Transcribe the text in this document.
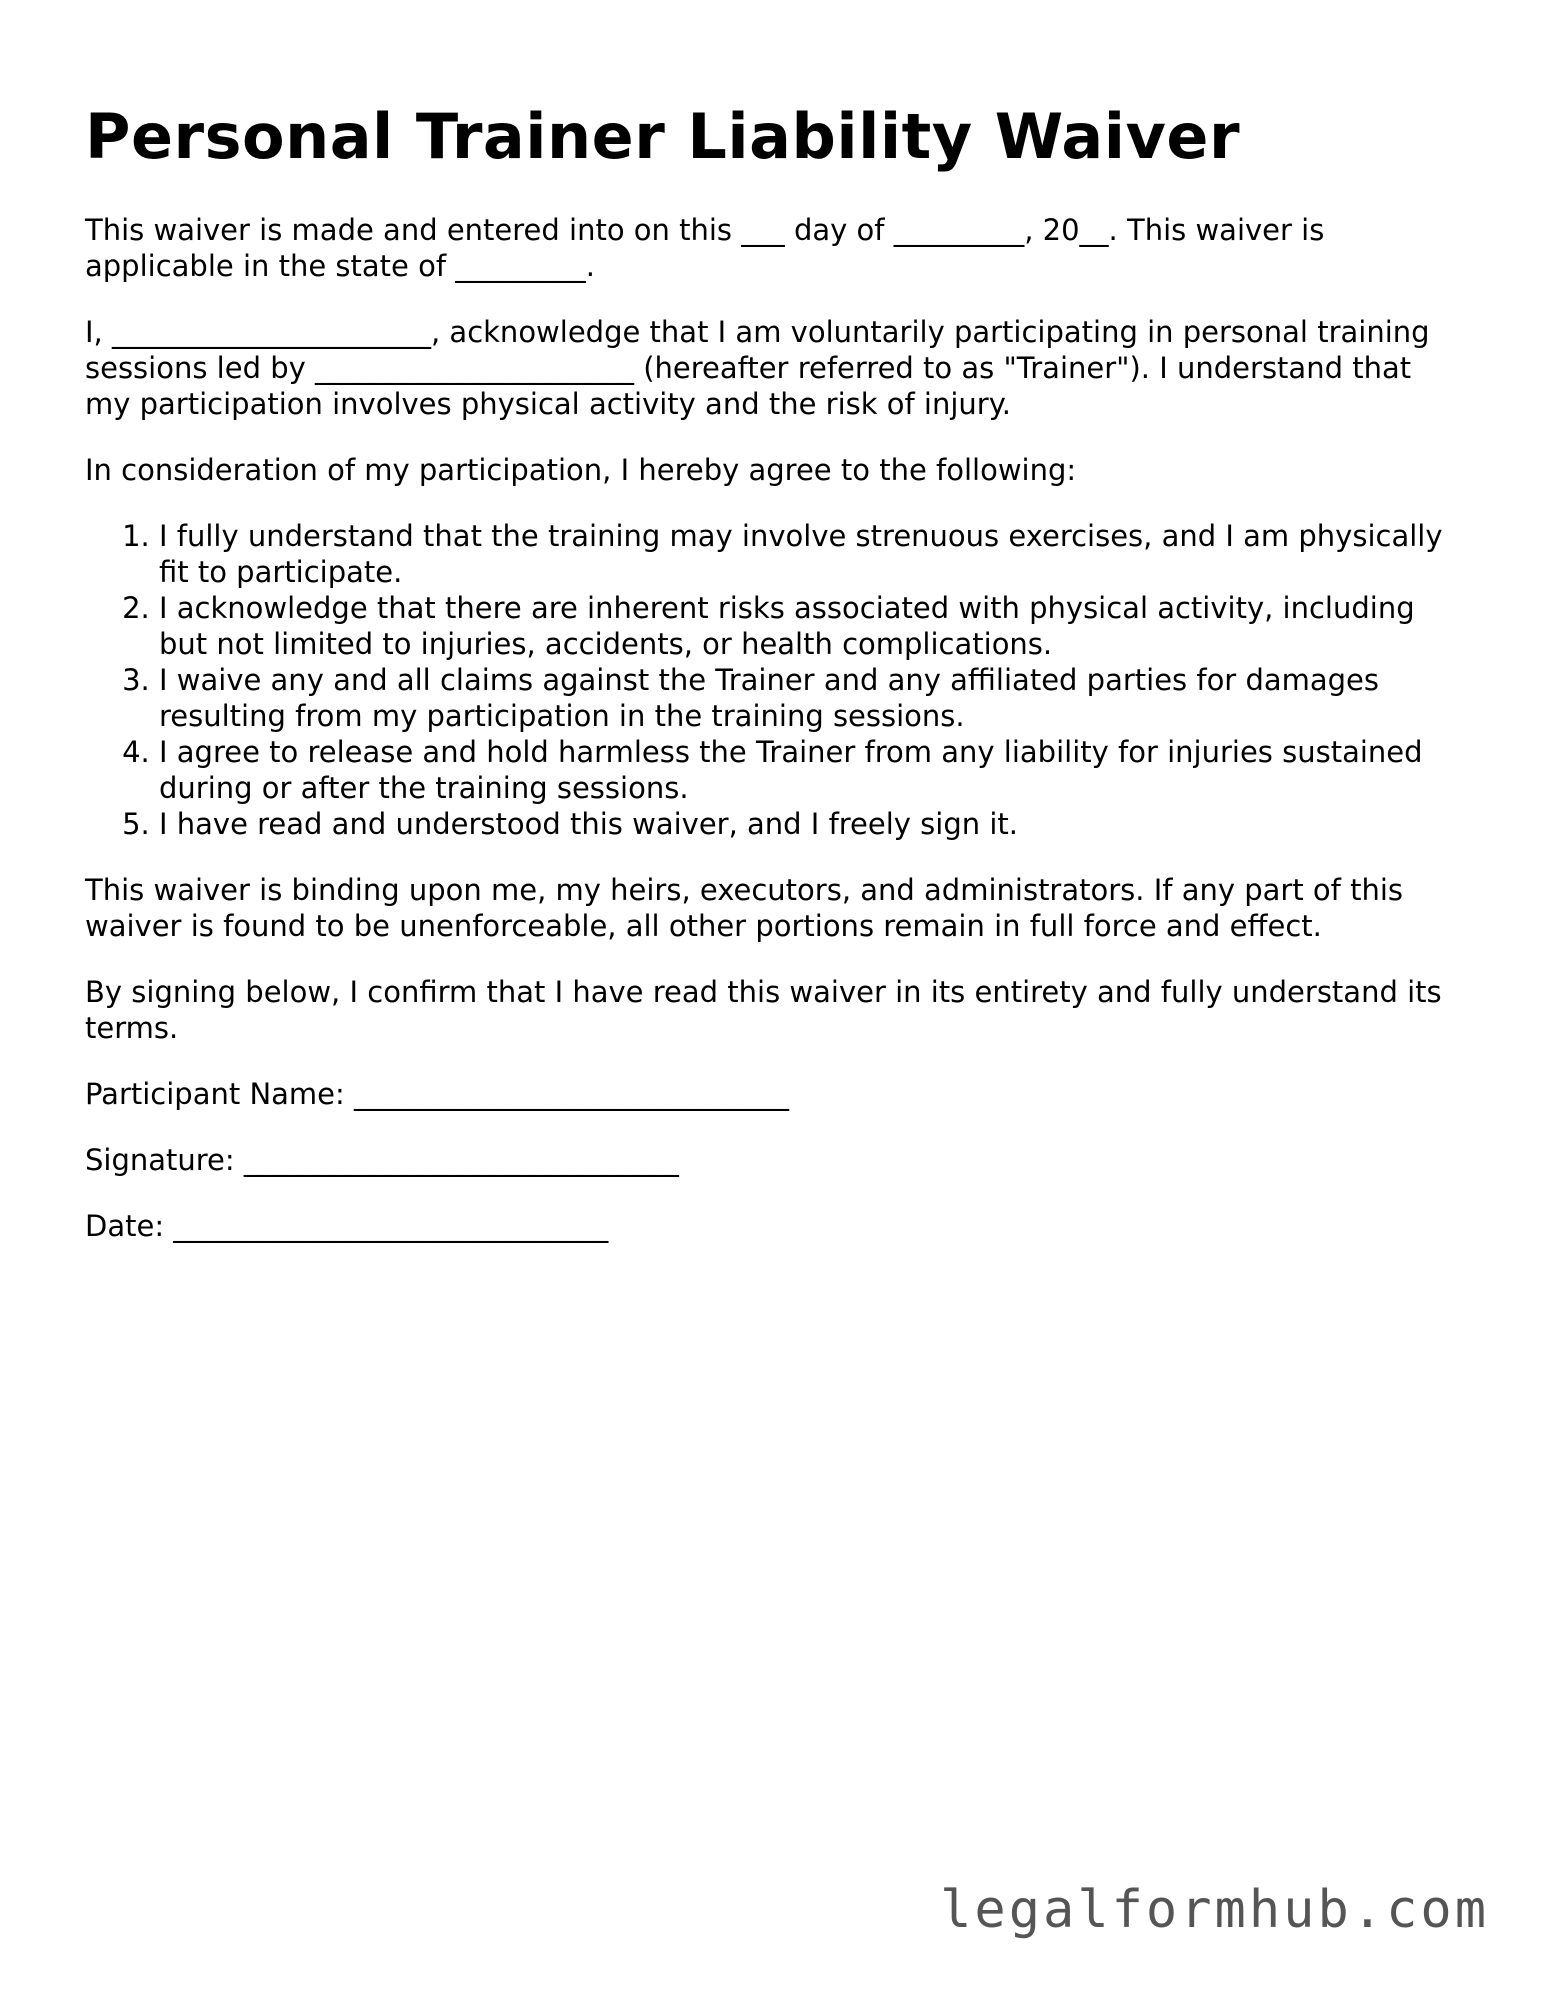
Personal Trainer Liability Waiver

This waiver is made and entered into on this ___ day of _________, 20__. This waiver is applicable in the state of _________.

I, ______________________, acknowledge that I am voluntarily participating in personal training sessions led by ______________________ (hereafter referred to as "Trainer"). I understand that my participation involves physical activity and the risk of injury.

In consideration of my participation, I hereby agree to the following:

1. I fully understand that the training may involve strenuous exercises, and I am physically fit to participate.
2. I acknowledge that there are inherent risks associated with physical activity, including but not limited to injuries, accidents, or health complications.
3. I waive any and all claims against the Trainer and any affiliated parties for damages resulting from my participation in the training sessions.
4. I agree to release and hold harmless the Trainer from any liability for injuries sustained during or after the training sessions.
5. I have read and understood this waiver, and I freely sign it.

This waiver is binding upon me, my heirs, executors, and administrators. If any part of this waiver is found to be unenforceable, all other portions remain in full force and effect.

By signing below, I confirm that I have read this waiver in its entirety and fully understand its terms.

Participant Name: ______________________________
Signature: ______________________________
Date: ______________________________
legalformhub.com
